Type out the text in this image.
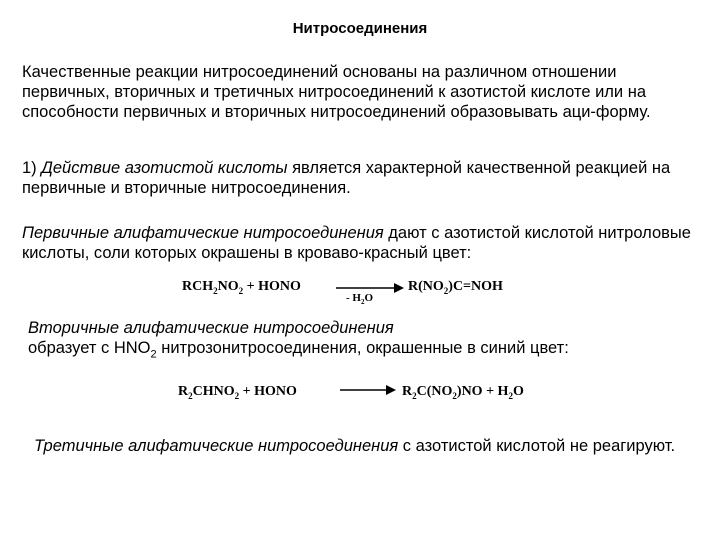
Нитросоединения
Качественные реакции нитросоединений основаны на различном отношении первичных, вторичных и третичных нитросоединений к азотистой кислоте или на способности первичных и вторичных нитросоединений образовывать аци-форму.
1) Действие азотистой кислоты является характерной качественной реакцией на первичные и вторичные нитросоединения.
Первичные алифатические нитросоединения дают с азотистой кислотой нитроловые кислоты, соли которых окрашены в кроваво-красный цвет:
$RCH_2NO_2$ + HONO
- $H_2O$
$R(NO_2)C=NOH$
Вторичные алифатические нитросоединения
образует с $HNO_2$ нитрозонитросоединения, окрашенные в синий цвет:
$R_2CHNO_2$ + HONO	→ $R_2C(NO_2)NO + H_2O$
Третичные алифатические нитросоединения с азотистой кислотой не реагируют.
